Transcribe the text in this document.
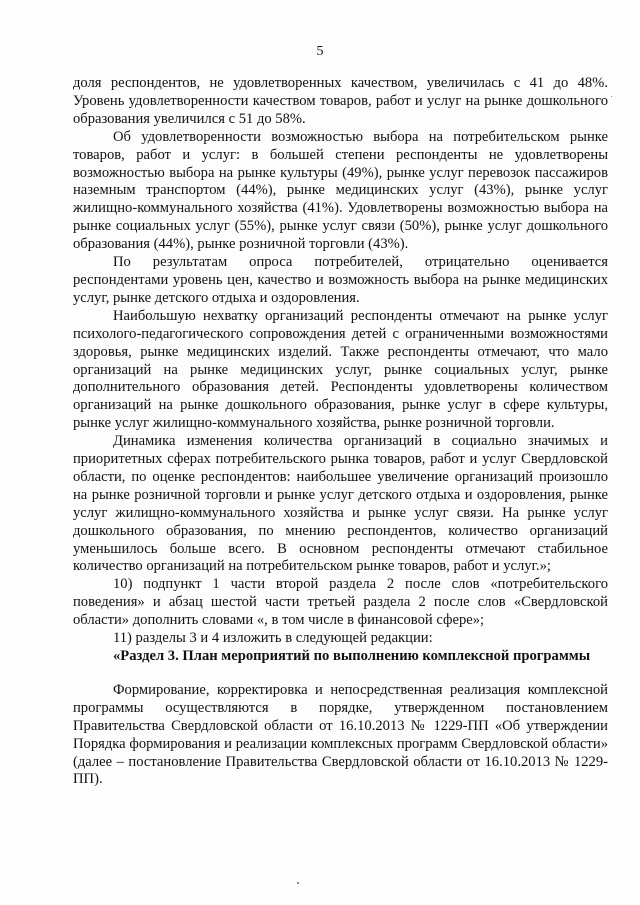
5

доля респондентов, не удовлетворенных качеством, увеличилась с 41 до 48%. Уровень удовлетворенности качеством товаров, работ и услуг на рынке дошкольного образования увеличился с 51 до 58%.

Об удовлетворенности возможностью выбора на потребительском рынке товаров, работ и услуг: в большей степени респонденты не удовлетворены возможностью выбора на рынке культуры (49%), рынке услуг перевозок пассажиров наземным транспортом (44%), рынке медицинских услуг (43%), рынке услуг жилищно-коммунального хозяйства (41%). Удовлетворены возможностью выбора на рынке социальных услуг (55%), рынке услуг связи (50%), рынке услуг дошкольного образования (44%), рынке розничной торговли (43%).

По результатам опроса потребителей, отрицательно оценивается респондентами уровень цен, качество и возможность выбора на рынке медицинских услуг, рынке детского отдыха и оздоровления.

Наибольшую нехватку организаций респонденты отмечают на рынке услуг психолого-педагогического сопровождения детей с ограниченными возможностями здоровья, рынке медицинских изделий. Также респонденты отмечают, что мало организаций на рынке медицинских услуг, рынке социальных услуг, рынке дополнительного образования детей. Респонденты удовлетворены количеством организаций на рынке дошкольного образования, рынке услуг в сфере культуры, рынке услуг жилищно-коммунального хозяйства, рынке розничной торговли.

Динамика изменения количества организаций в социально значимых и приоритетных сферах потребительского рынка товаров, работ и услуг Свердловской области, по оценке респондентов: наибольшее увеличение организаций произошло на рынке розничной торговли и рынке услуг детского отдыха и оздоровления, рынке услуг жилищно-коммунального хозяйства и рынке услуг связи. На рынке услуг дошкольного образования, по мнению респондентов, количество организаций уменьшилось больше всего. В основном респонденты отмечают стабильное количество организаций на потребительском рынке товаров, работ и услуг.»;

10) подпункт 1 части второй раздела 2 после слов «потребительского поведения» и абзац шестой части третьей раздела 2 после слов «Свердловской области» дополнить словами «, в том числе в финансовой сфере»;

11) разделы 3 и 4 изложить в следующей редакции:

«Раздел 3. План мероприятий по выполнению комплексной программы

Формирование, корректировка и непосредственная реализация комплексной программы осуществляются в порядке, утвержденном постановлением Правительства Свердловской области от 16.10.2013 № 1229-ПП «Об утверждении Порядка формирования и реализации комплексных программ Свердловской области» (далее – постановление Правительства Свердловской области от 16.10.2013 № 1229-ПП).
